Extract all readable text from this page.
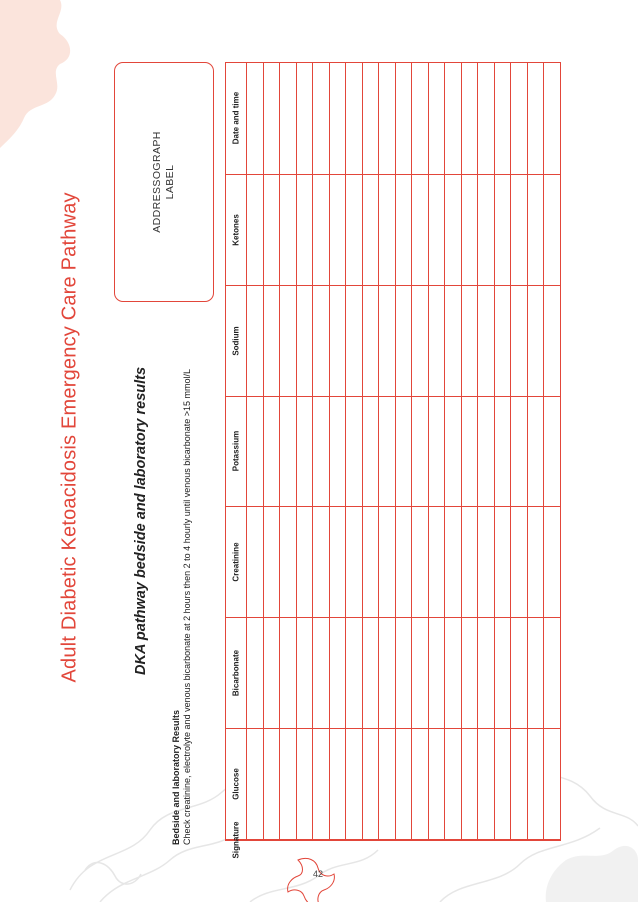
Adult Diabetic Ketoacidosis Emergency Care Pathway	DKA pathway bedside and laboratory results
Bedside and laboratory Results Check creatinine, electrolyte and venous bicarbonate at 2 hours then 2 to 4 hourly until venous bicarbonate >15 mmol/L
ADDRESSOGRAPH LABEL
Date and time
Ketones
Sodium
Potassium
Creatinine
Bicarbonate
Glucose
Signature
42
